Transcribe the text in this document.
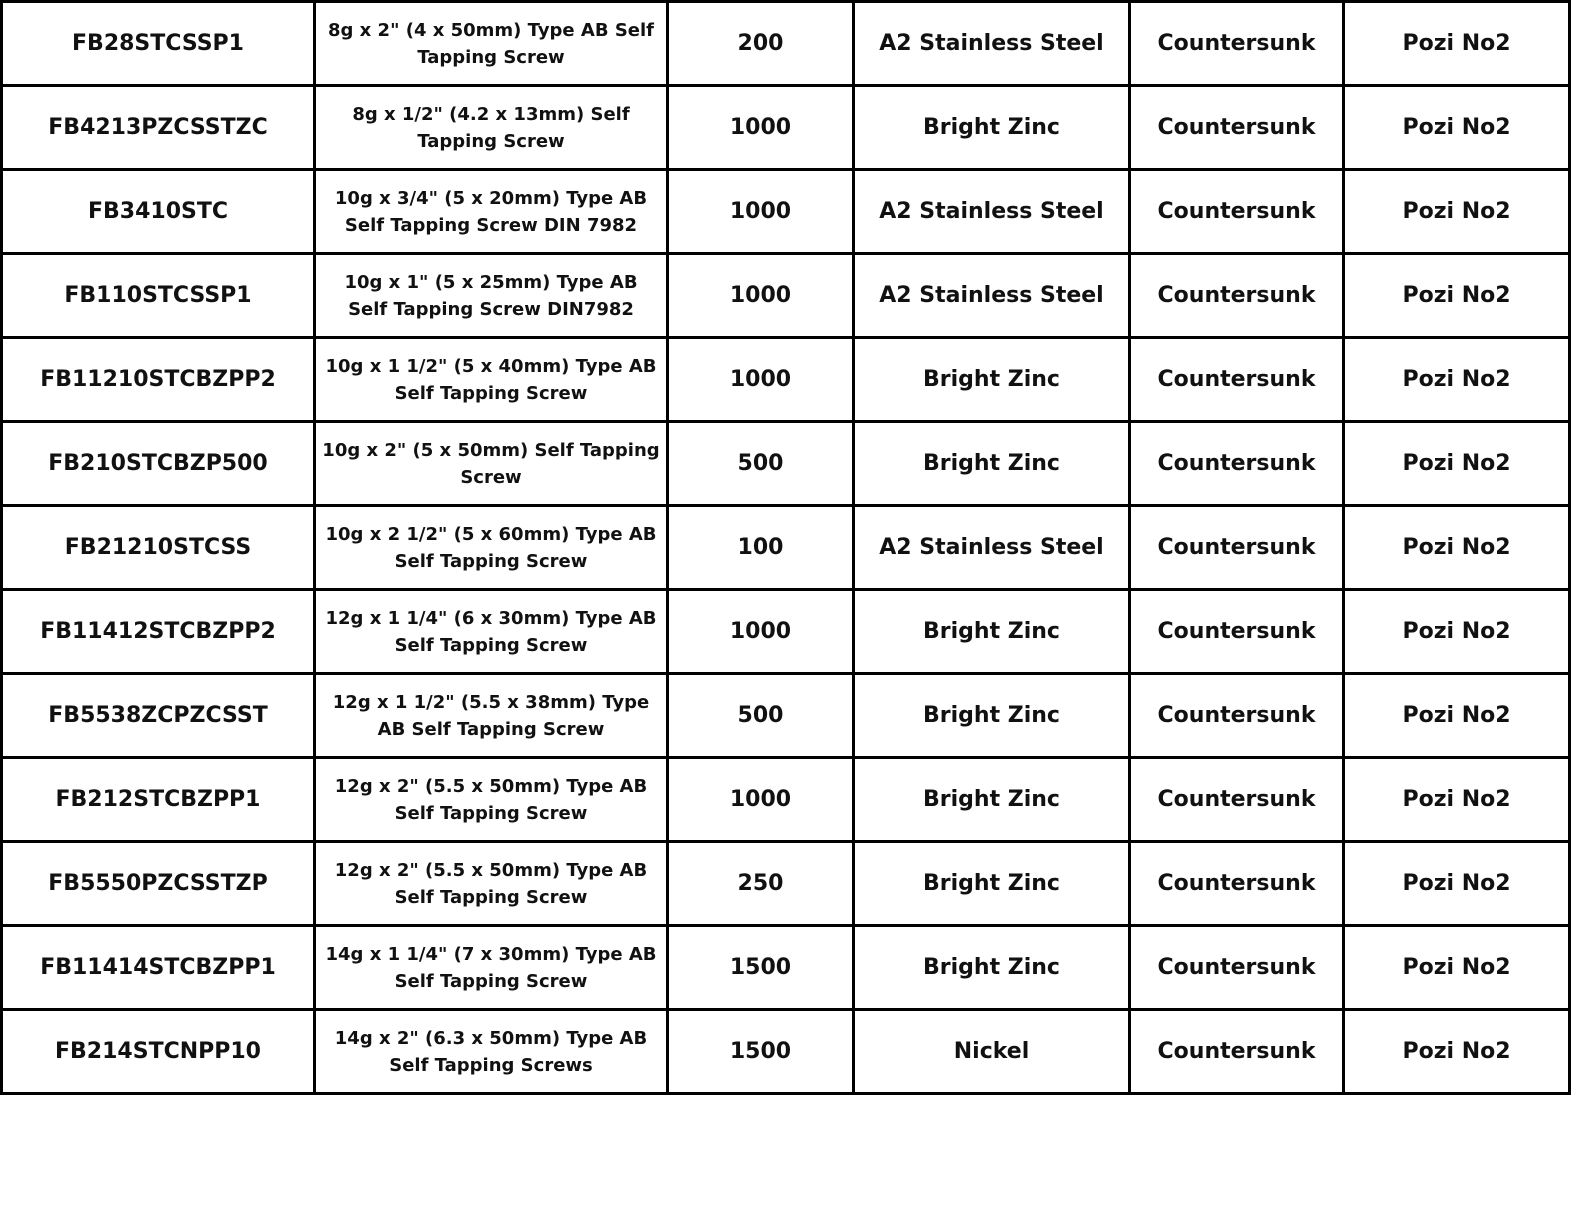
FB28STCSSP1	8g x 2" (4 x 50mm) Type AB Self Tapping Screw	200	A2 Stainless Steel	Countersunk	Pozi No2
FB4213PZCSSTZC	8g x 1/2" (4.2 x 13mm) Self Tapping Screw	1000	Bright Zinc	Countersunk	Pozi No2
FB3410STC	10g x 3/4" (5 x 20mm) Type AB Self Tapping Screw DIN 7982	1000	A2 Stainless Steel	Countersunk	Pozi No2
FB110STCSSP1	10g x 1" (5 x 25mm) Type AB Self Tapping Screw DIN7982	1000	A2 Stainless Steel	Countersunk	Pozi No2
FB11210STCBZPP2	10g x 1 1/2" (5 x 40mm) Type AB Self Tapping Screw	1000	Bright Zinc	Countersunk	Pozi No2
FB210STCBZP500	10g x 2" (5 x 50mm) Self Tapping Screw	500	Bright Zinc	Countersunk	Pozi No2
FB21210STCSS	10g x 2 1/2" (5 x 60mm) Type AB Self Tapping Screw	100	A2 Stainless Steel	Countersunk	Pozi No2
FB11412STCBZPP2	12g x 1 1/4" (6 x 30mm) Type AB Self Tapping Screw	1000	Bright Zinc	Countersunk	Pozi No2
FB5538ZCPZCSST	12g x 1 1/2" (5.5 x 38mm) Type AB Self Tapping Screw	500	Bright Zinc	Countersunk	Pozi No2
FB212STCBZPP1	12g x 2" (5.5 x 50mm) Type AB Self Tapping Screw	1000	Bright Zinc	Countersunk	Pozi No2
FB5550PZCSSTZP	12g x 2" (5.5 x 50mm) Type AB Self Tapping Screw	250	Bright Zinc	Countersunk	Pozi No2
FB11414STCBZPP1	14g x 1 1/4" (7 x 30mm) Type AB Self Tapping Screw	1500	Bright Zinc	Countersunk	Pozi No2
FB214STCNPP10	14g x 2" (6.3 x 50mm) Type AB Self Tapping Screws	1500	Nickel	Countersunk	Pozi No2
